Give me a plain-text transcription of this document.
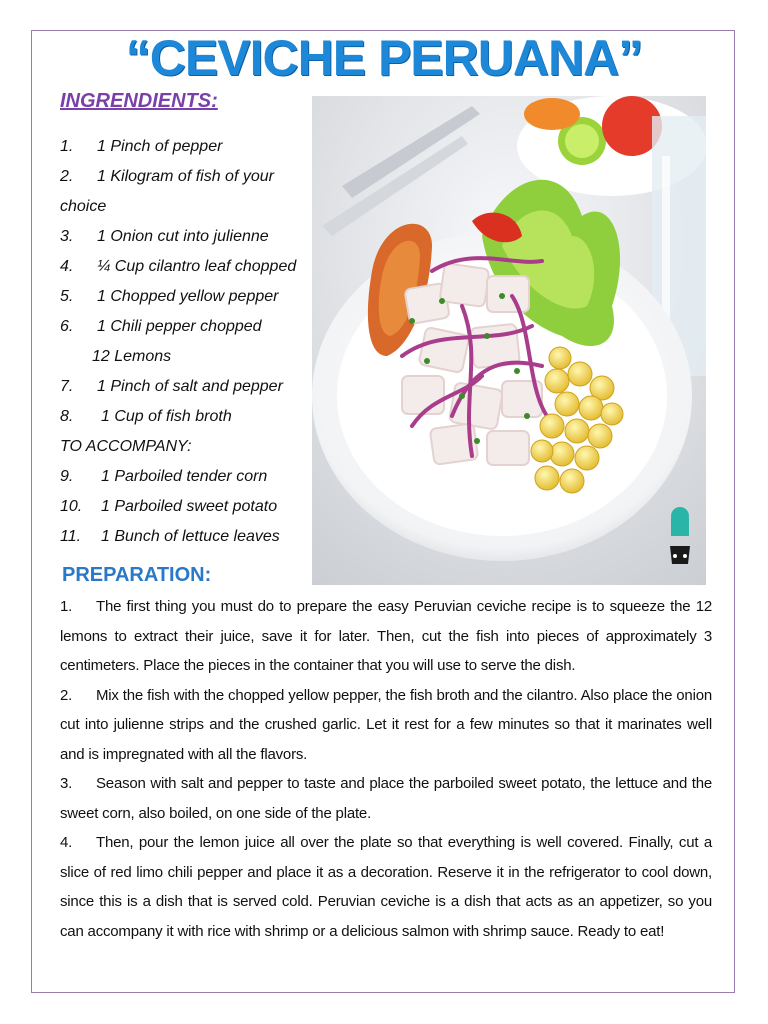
“CEVICHE PERUANA”
INGRENDIENTS:
1.	1 Pinch of pepper
2.	1 Kilogram of fish of your
choice
3.	1 Onion cut into julienne
4.	¼ Cup cilantro leaf chopped
5.	1 Chopped yellow pepper
6.	1 Chili pepper chopped
12 Lemons
7.	1 Pinch of salt and pepper
8.	1 Cup of fish broth
TO ACCOMPANY:
9.	1 Parboiled tender corn
10.	1 Parboiled sweet potato
11.	1 Bunch of lettuce leaves
PREPARATION:

1. The first thing you must do to prepare the easy Peruvian ceviche recipe is to squeeze the 12 lemons to extract their juice, save it for later. Then, cut the fish into pieces of approximately 3 centimeters. Place the pieces in the container that you will use to serve the dish.

2. Mix the fish with the chopped yellow pepper, the fish broth and the cilantro. Also place the onion cut into julienne strips and the crushed garlic. Let it rest for a few minutes so that it marinates well and is impregnated with all the flavors.

3. Season with salt and pepper to taste and place the parboiled sweet potato, the lettuce and the sweet corn, also boiled, on one side of the plate.

4. Then, pour the lemon juice all over the plate so that everything is well covered. Finally, cut a slice of red limo chili pepper and place it as a decoration. Reserve it in the refrigerator to cool down, since this is a dish that is served cold. Peruvian ceviche is a dish that acts as an appetizer, so you can accompany it with rice with shrimp or a delicious salmon with shrimp sauce. Ready to eat!
